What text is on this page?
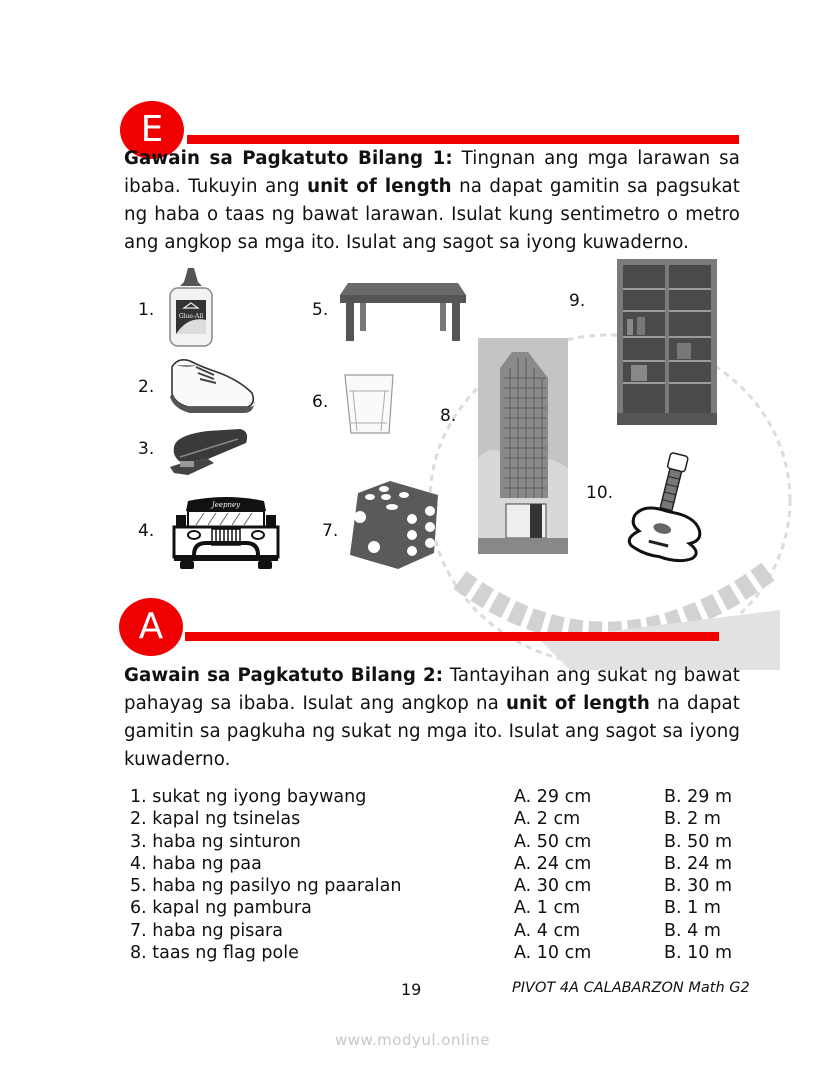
E
Gawain sa Pagkatuto Bilang 1: Tingnan ang mga larawan sa ibaba. Tukuyin ang unit of length na dapat gamitin sa pagsukat ng haba o taas ng bawat larawan. Isulat kung sentimetro o metro ang angkop sa mga ito. Isulat ang sagot sa iyong kuwaderno.
1.
2.
3.
4.
5.
6.
7.
8.
9.
10.
Glue-All
Jeepney
A
Gawain sa Pagkatuto Bilang 2: Tantayihan ang sukat ng bawat pahayag sa ibaba. Isulat ang angkop na unit of length na dapat gamitin sa pagkuha ng sukat ng mga ito. Isulat ang sagot sa iyong kuwaderno.
1. sukat ng iyong baywang	A. 29 cm	B. 29 m
2. kapal ng tsinelas	A. 2 cm	B. 2 m
3. haba ng sinturon	A. 50 cm	B. 50 m
4. haba ng paa	A. 24 cm	B. 24 m
5. haba ng pasilyo ng paaralan	A. 30 cm	B. 30 m
6. kapal ng pambura	A. 1 cm	B. 1 m
7. haba ng pisara	A. 4 cm	B. 4 m
8. taas ng flag pole	A. 10 cm	B. 10 m
19	PIVOT 4A CALABARZON Math G2
www.modyul.online
